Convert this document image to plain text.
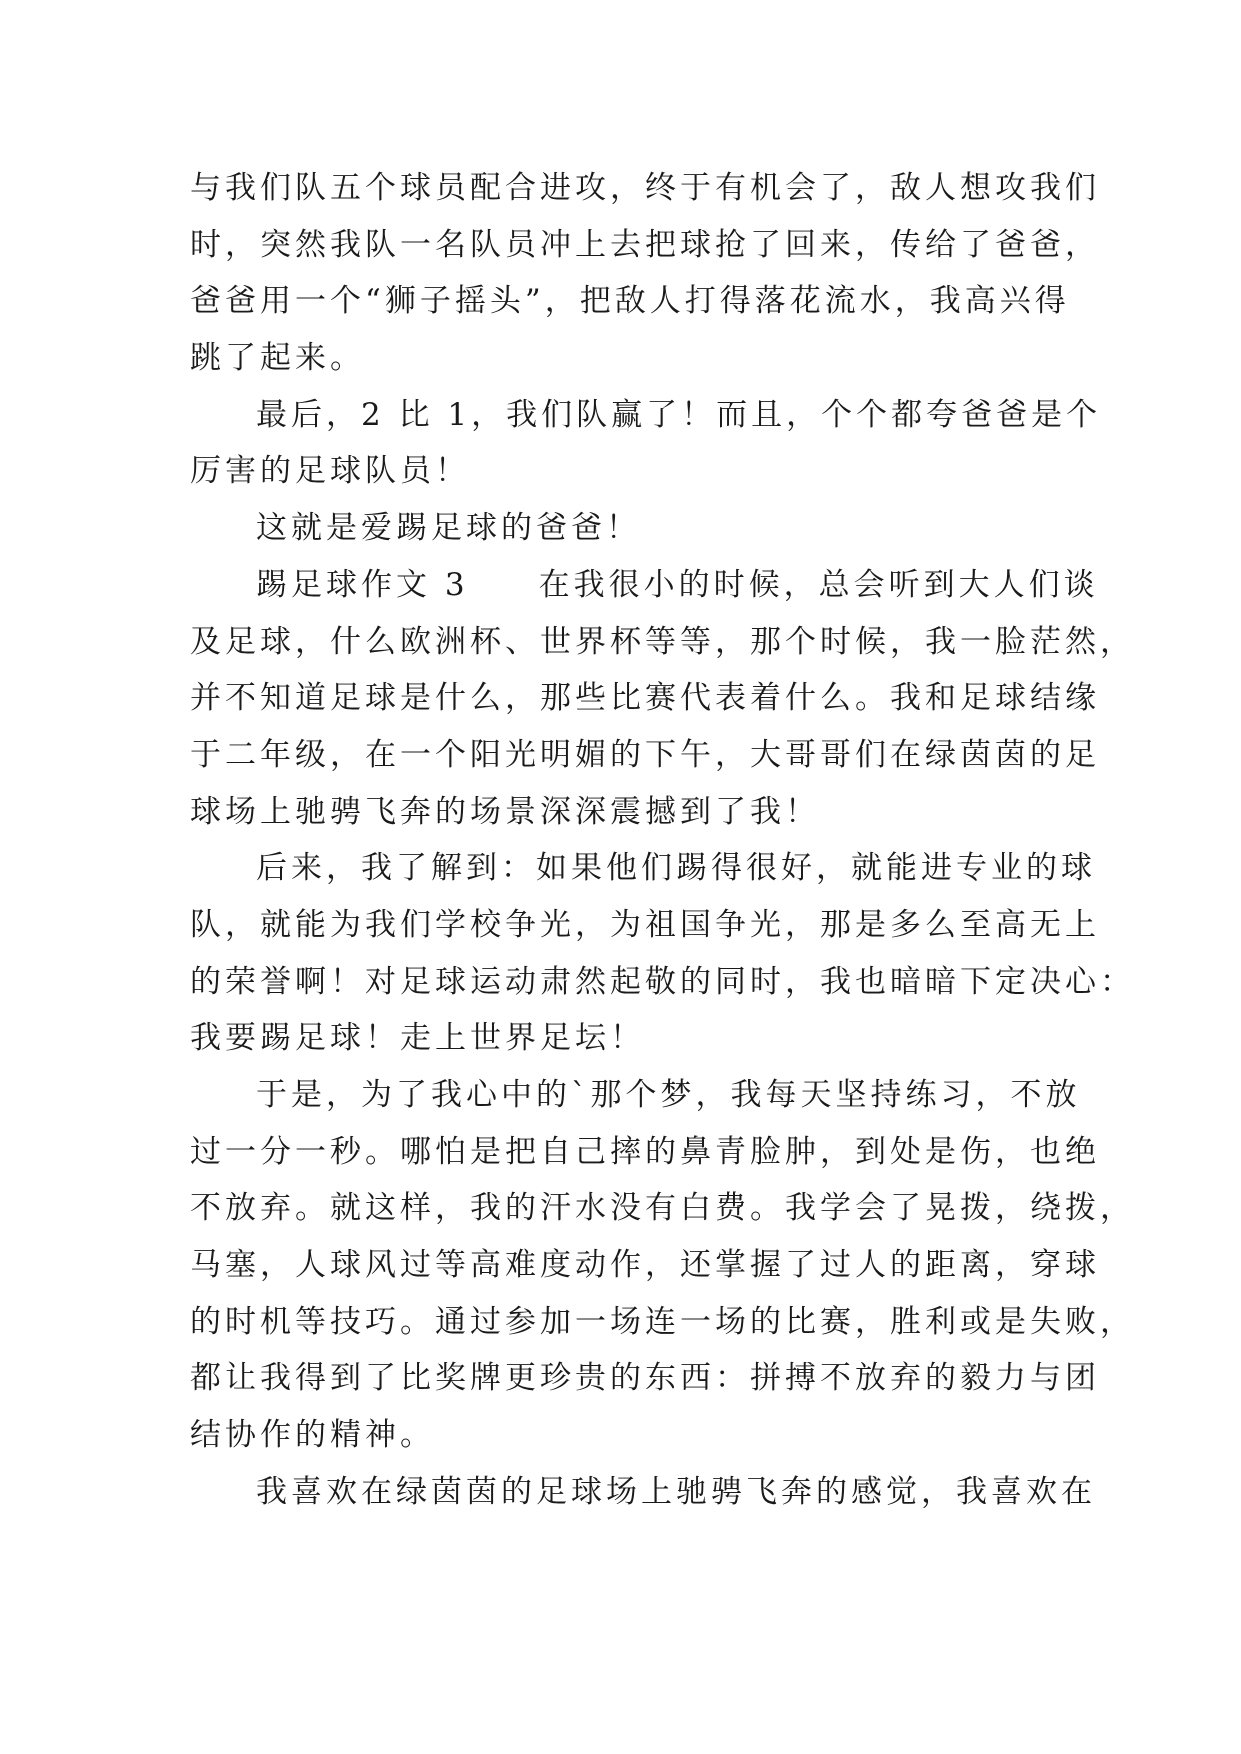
与我们队五个球员配合进攻，终于有机会了，敌人想攻我们
时，突然我队一名队员冲上去把球抢了回来，传给了爸爸，
爸爸用一个“狮子摇头”，把敌人打得落花流水，我高兴得
跳了起来。
最后，2 比 1，我们队赢了！而且，个个都夸爸爸是个
厉害的足球队员！
这就是爱踢足球的爸爸！
踢足球作文 3　　在我很小的时候，总会听到大人们谈
及足球，什么欧洲杯、世界杯等等，那个时候，我一脸茫然，
并不知道足球是什么，那些比赛代表着什么。我和足球结缘
于二年级，在一个阳光明媚的下午，大哥哥们在绿茵茵的足
球场上驰骋飞奔的场景深深震撼到了我！
后来，我了解到：如果他们踢得很好，就能进专业的球
队，就能为我们学校争光，为祖国争光，那是多么至高无上
的荣誉啊！对足球运动肃然起敬的同时，我也暗暗下定决心：
我要踢足球！走上世界足坛！
于是，为了我心中的`那个梦，我每天坚持练习，不放
过一分一秒。哪怕是把自己摔的鼻青脸肿，到处是伤，也绝
不放弃。就这样，我的汗水没有白费。我学会了晃拨，绕拨，
马塞，人球风过等高难度动作，还掌握了过人的距离，穿球
的时机等技巧。通过参加一场连一场的比赛，胜利或是失败，
都让我得到了比奖牌更珍贵的东西：拼搏不放弃的毅力与团
结协作的精神。
我喜欢在绿茵茵的足球场上驰骋飞奔的感觉，我喜欢在
